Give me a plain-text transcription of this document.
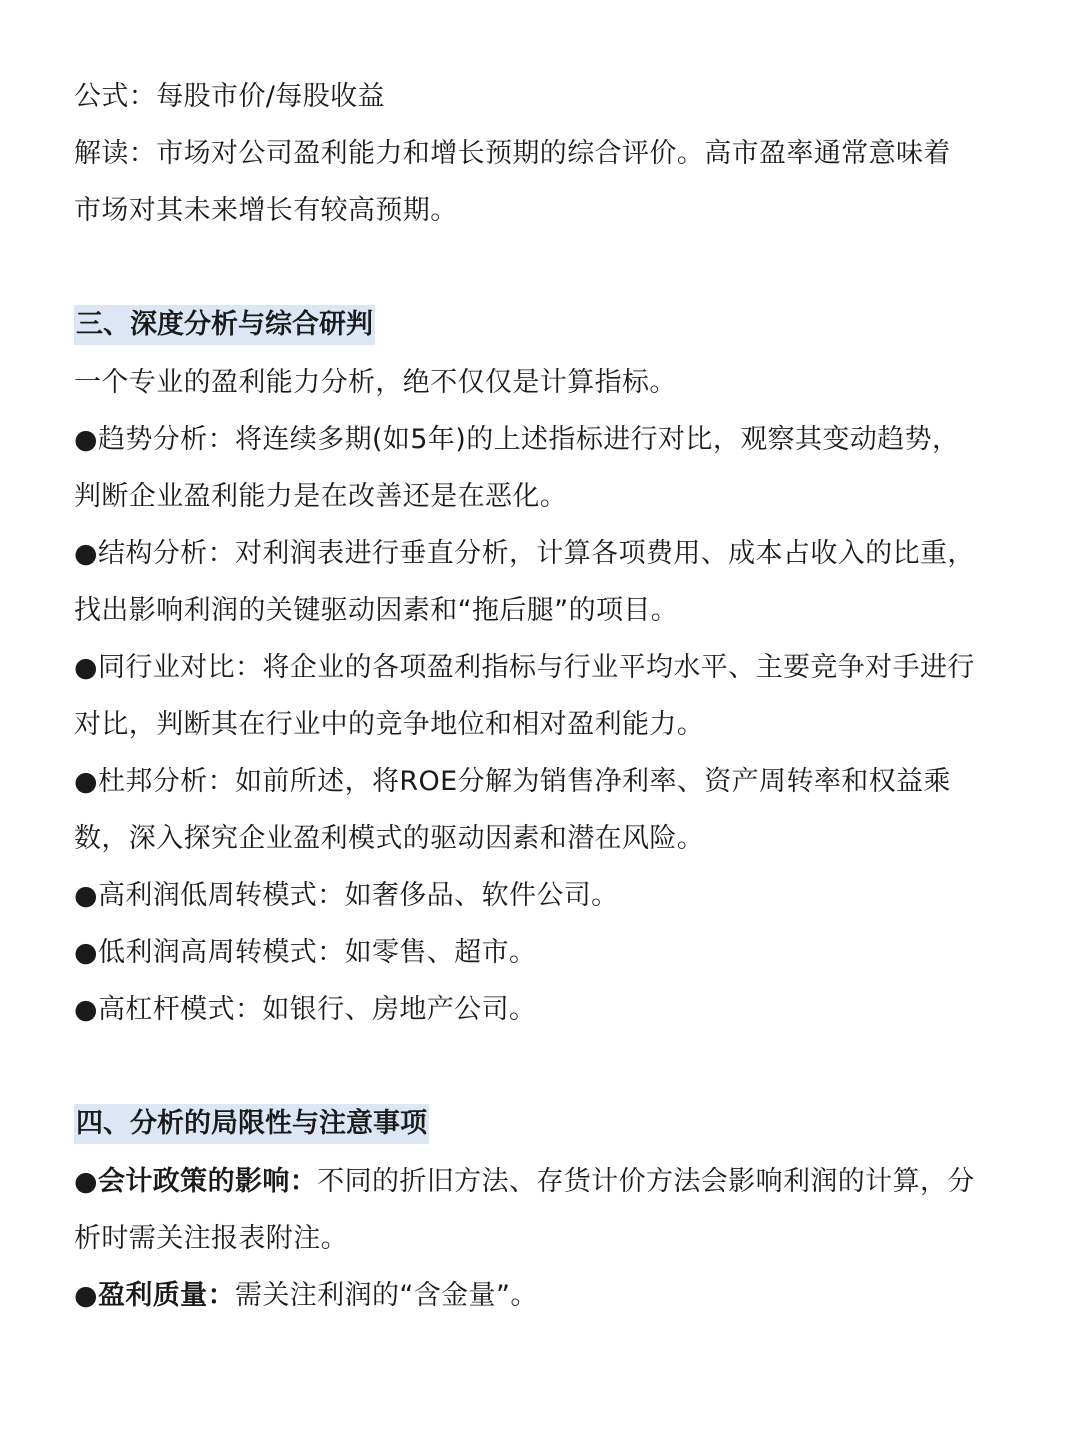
公式：每股市价/每股收益

解读：市场对公司盈利能力和增长预期的综合评价。高市盈率通常意味着

市场对其未来增长有较高预期。

三、深度分析与综合研判

一个专业的盈利能力分析，绝不仅仅是计算指标。

●趋势分析：将连续多期(如5年)的上述指标进行对比，观察其变动趋势，

判断企业盈利能力是在改善还是在恶化。

●结构分析：对利润表进行垂直分析，计算各项费用、成本占收入的比重，

找出影响利润的关键驱动因素和“拖后腿”的项目。

●同行业对比：将企业的各项盈利指标与行业平均水平、主要竞争对手进行

对比，判断其在行业中的竞争地位和相对盈利能力。

●杜邦分析：如前所述，将ROE分解为销售净利率、资产周转率和权益乘

数，深入探究企业盈利模式的驱动因素和潜在风险。

●高利润低周转模式：如奢侈品、软件公司。

●低利润高周转模式：如零售、超市。

●高杠杆模式：如银行、房地产公司。

四、分析的局限性与注意事项

●会计政策的影响：不同的折旧方法、存货计价方法会影响利润的计算，分

析时需关注报表附注。

●盈利质量：需关注利润的“含金量”。
